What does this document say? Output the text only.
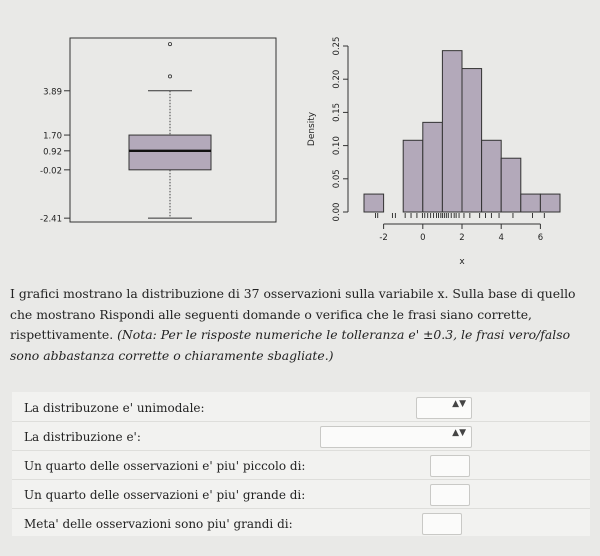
3.89
1.70
0.92
-0.02
-2.41	0.00
0.05
0.10
0.15
0.20
0.25
Density
-2	0	2	4	6
x
I grafici mostrano la distribuzione di 37 osservazioni sulla variabile x. Sulla base di quello che mostrano Rispondi alle seguenti domande o verifica che le frasi siano corrette, rispettivamente. (Nota: Per le risposte numeriche le tolleranza e' ±0.3, le frasi vero/falso sono abbastanza corrette o chiaramente sbagliate.)
La distribuzone e' unimodale:	▲▼
La distribuzione e':	▲▼
Un quarto delle osservazioni e' piu' piccolo di:
Un quarto delle osservazioni e' piu' grande di:
Meta' delle osservazioni sono piu' grandi di:
